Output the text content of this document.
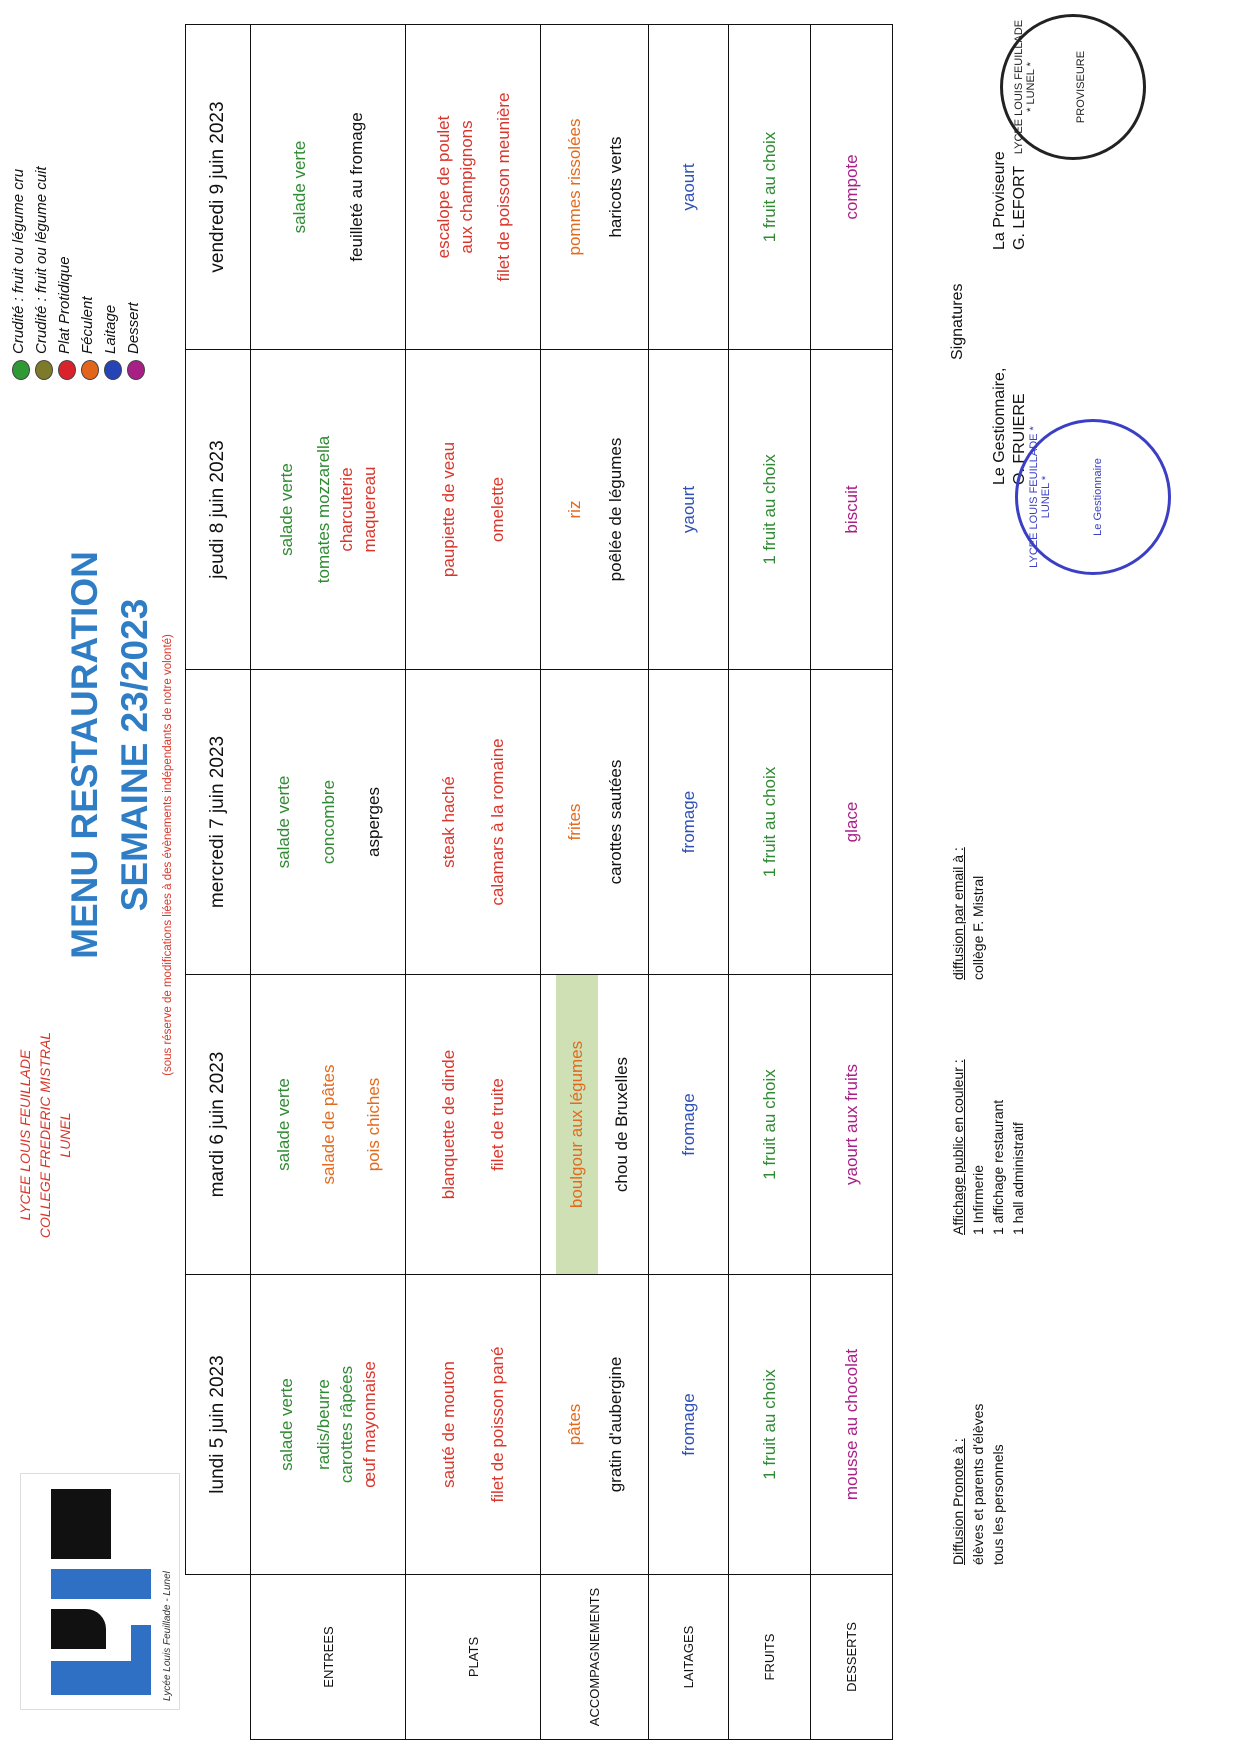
Lycée Louis Feuillade - Lunel
LYCEE LOUIS FEUILLADE COLLEGE FREDERIC MISTRAL LUNEL
MENU RESTAURATION SEMAINE 23/2023 (sous réserve de modifications liées à des évènements indépendants de notre volonté)
Crudité : fruit ou légume cru Crudité : fruit ou légume cuit Plat Protidique Féculent Laitage Dessert
	lundi 5 juin 2023	mardi 6 juin 2023	mercredi 7 juin 2023	jeudi 8 juin 2023	vendredi 9 juin 2023
ENTREES	salade verte radis/beurre carottes râpées œuf mayonnaise	salade verte salade de pâtes pois chiches	salade verte concombre asperges	salade verte tomates mozzarella charcuterie maquereau	salade verte feuilleté au fromage

PLATS	sauté de mouton filet de poisson pané	blanquette de dinde filet de truite	steak haché calamars à la romaine	paupiette de veau omelette	escalope de poulet aux champignons filet de poisson meunière

ACCOMPAGNEMENTS	pâtes gratin d'aubergine	boulgour aux légumes chou de Bruxelles	frites carottes sautées	riz poêlée de légumes	pommes rissolées haricots verts

LAITAGES	fromage	fromage	fromage	yaourt	yaourt
FRUITS	1 fruit au choix	1 fruit au choix	1 fruit au choix	1 fruit au choix	1 fruit au choix
DESSERTS	mousse au chocolat	yaourt aux fruits	glace	biscuit	compote
Diffusion Pronote à : élèves et parents d'élèves tous les personnels
Affichage public en couleur : 1 Infirmerie 1 affichage restaurant 1 hall administratif
diffusion par email à : collège F. Mistral
Signatures
Le Gestionnaire, O. FRUIERE
La Proviseure G. LEFORT
LYCEE LOUIS FEUILLADE * LUNEL *	Le Gestionnaire
LYCEE LOUIS FEUILLADE * LUNEL *	PROVISEURE
